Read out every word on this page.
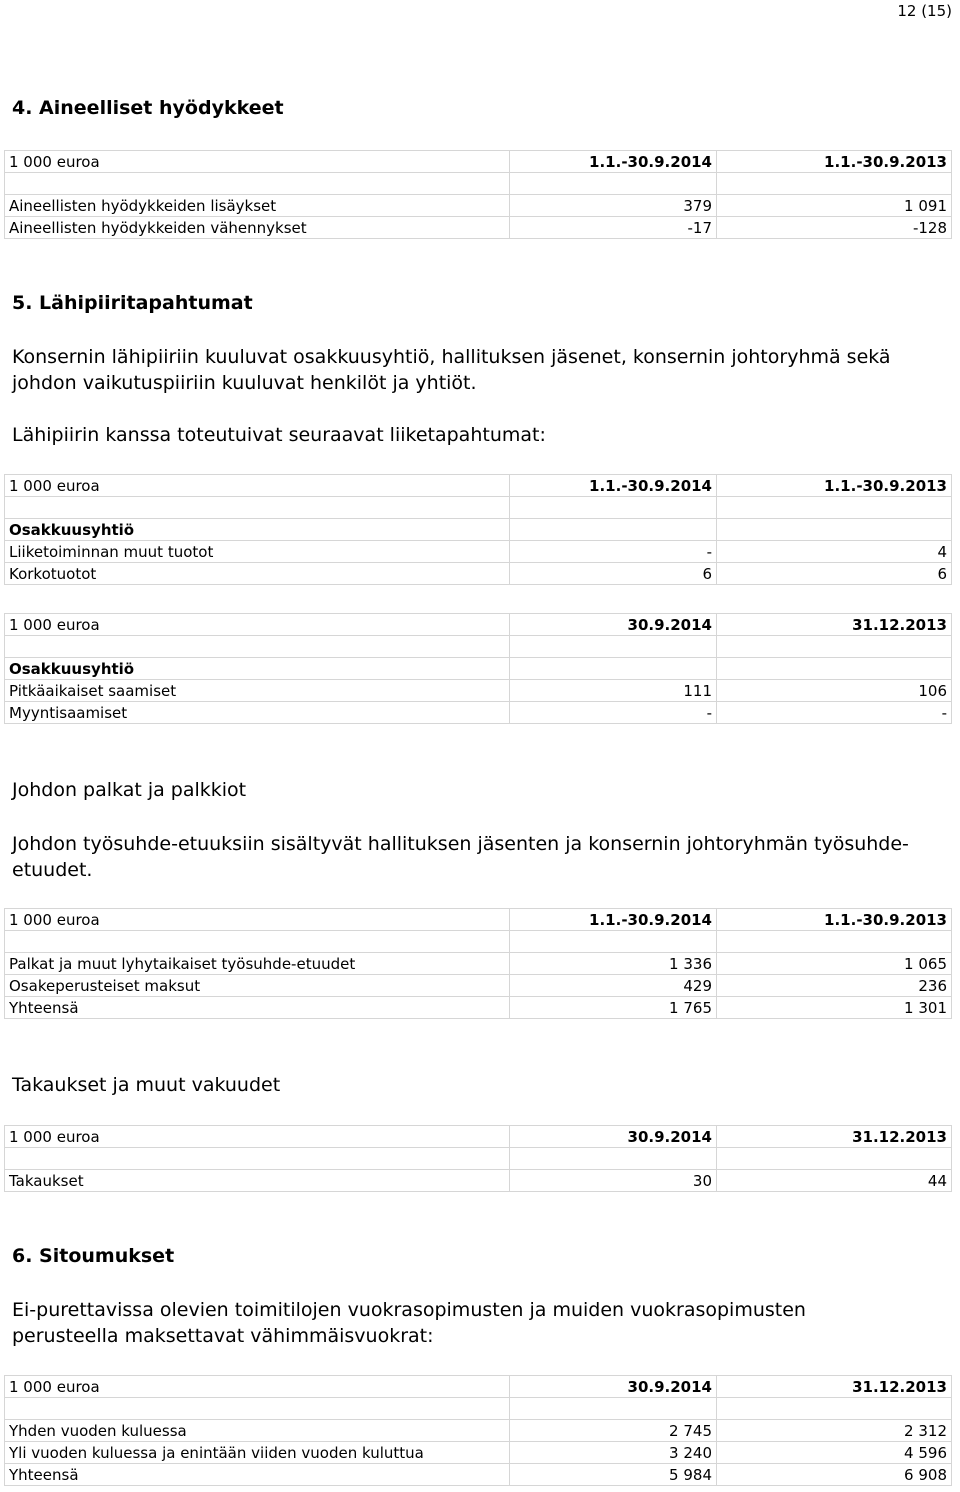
12 (15)
4. Aineelliset hyödykkeet
1 000 euroa	1.1.-30.9.2014	1.1.-30.9.2013

Aineellisten hyödykkeiden lisäykset	379	1 091
Aineellisten hyödykkeiden vähennykset	-17	-128
5. Lähipiiritapahtumat

Konsernin lähipiiriin kuuluvat osakkuusyhtiö, hallituksen jäsenet, konsernin johtoryhmä sekä johdon vaikutuspiiriin kuuluvat henkilöt ja yhtiöt.

Lähipiirin kanssa toteutuivat seuraavat liiketapahtumat:
1 000 euroa	1.1.-30.9.2014	1.1.-30.9.2013

Osakkuusyhtiö		
Liiketoiminnan muut tuotot	-	4
Korkotuotot	6	6
1 000 euroa	30.9.2014	31.12.2013

Osakkuusyhtiö		
Pitkäaikaiset saamiset	111	106
Myyntisaamiset	-	-
Johdon palkat ja palkkiot

Johdon työsuhde-etuuksiin sisältyvät hallituksen jäsenten ja konsernin johtoryhmän työsuhde-etuudet.

1 000 euroa	1.1.-30.9.2014	1.1.-30.9.2013

Palkat ja muut lyhytaikaiset työsuhde-etuudet	1 336	1 065
Osakeperusteiset maksut	429	236
Yhteensä	1 765	1 301
Takaukset ja muut vakuudet
1 000 euroa	30.9.2014	31.12.2013

Takaukset	30	44
6. Sitoumukset

Ei-purettavissa olevien toimitilojen vuokrasopimusten ja muiden vuokrasopimusten perusteella maksettavat vähimmäisvuokrat:

1 000 euroa	30.9.2014	31.12.2013

Yhden vuoden kuluessa	2 745	2 312
Yli vuoden kuluessa ja enintään viiden vuoden kuluttua	3 240	4 596
Yhteensä	5 984	6 908
